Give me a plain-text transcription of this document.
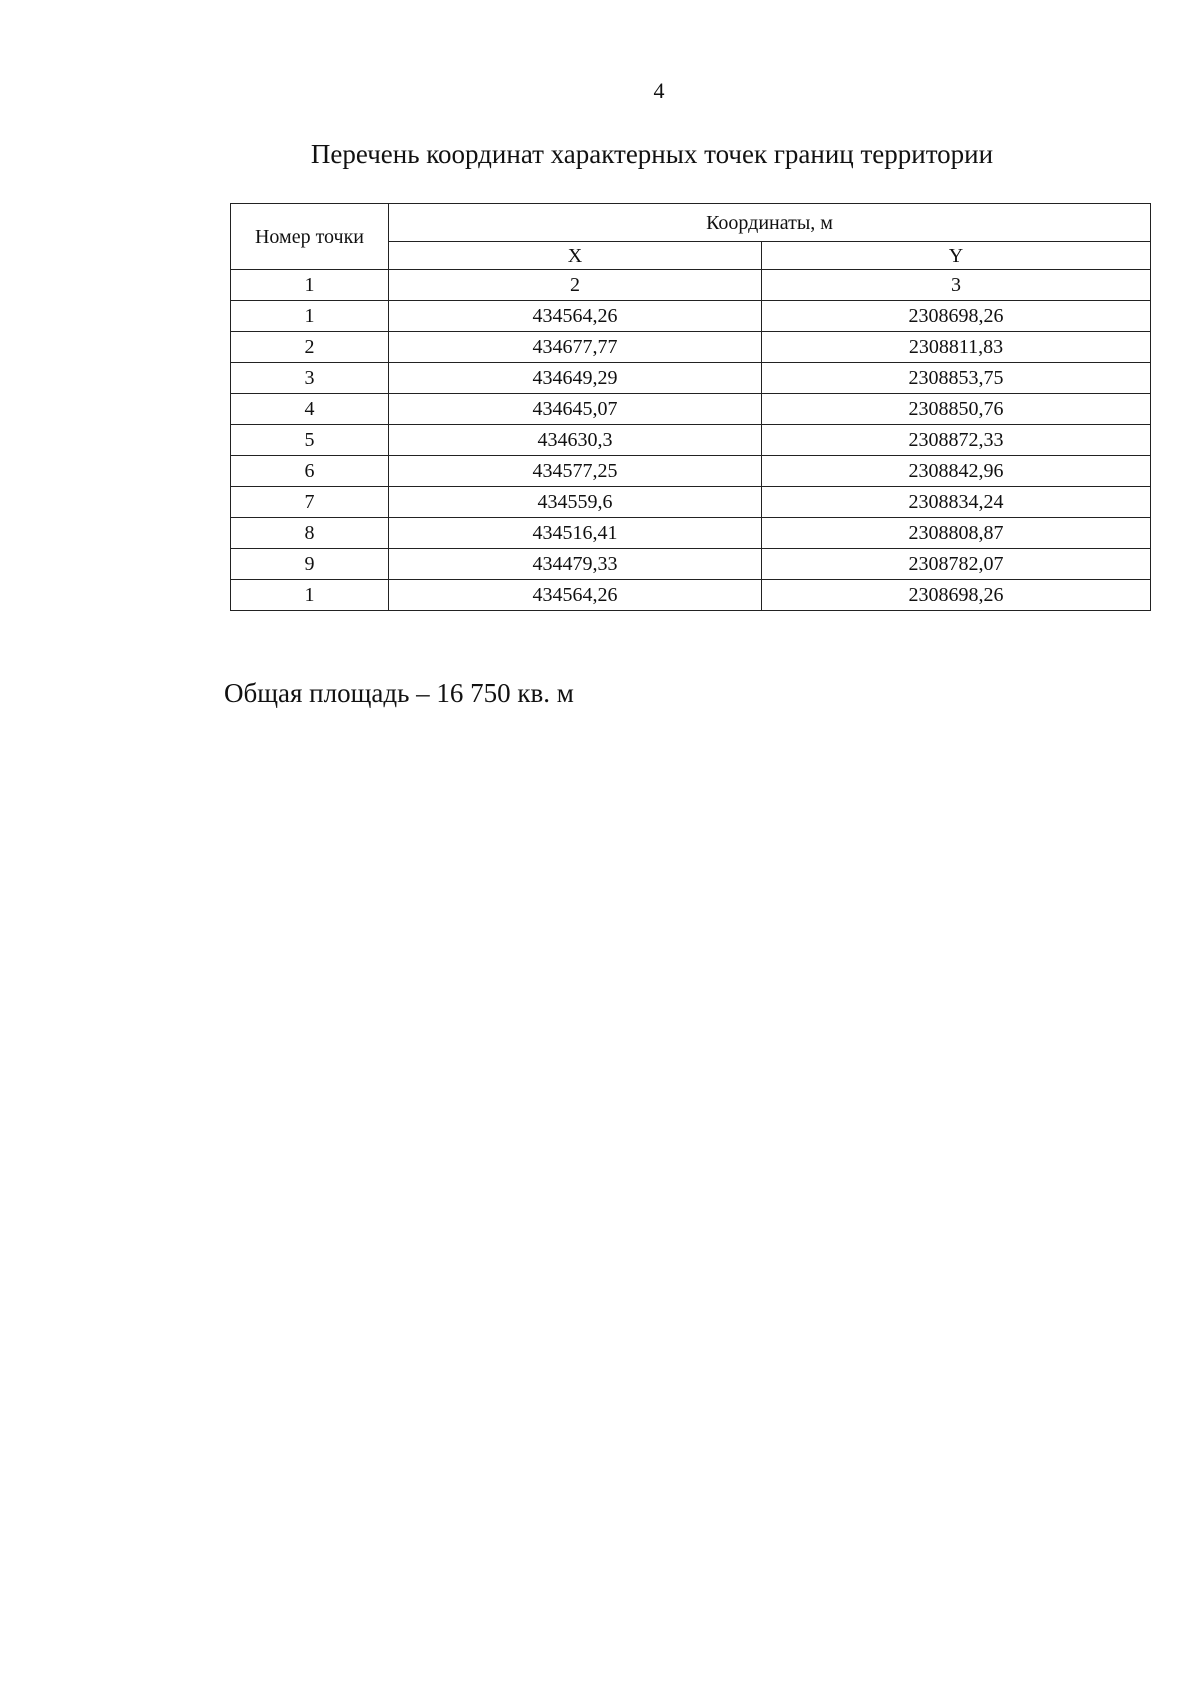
4
Перечень координат характерных точек границ территории
Номер точки	Координаты, м	
	X	Y
1	2	3
1	434564,26	2308698,26
2	434677,77	2308811,83
3	434649,29	2308853,75
4	434645,07	2308850,76
5	434630,3	2308872,33
6	434577,25	2308842,96
7	434559,6	2308834,24
8	434516,41	2308808,87
9	434479,33	2308782,07
1	434564,26	2308698,26
Общая площадь – 16 750 кв. м
